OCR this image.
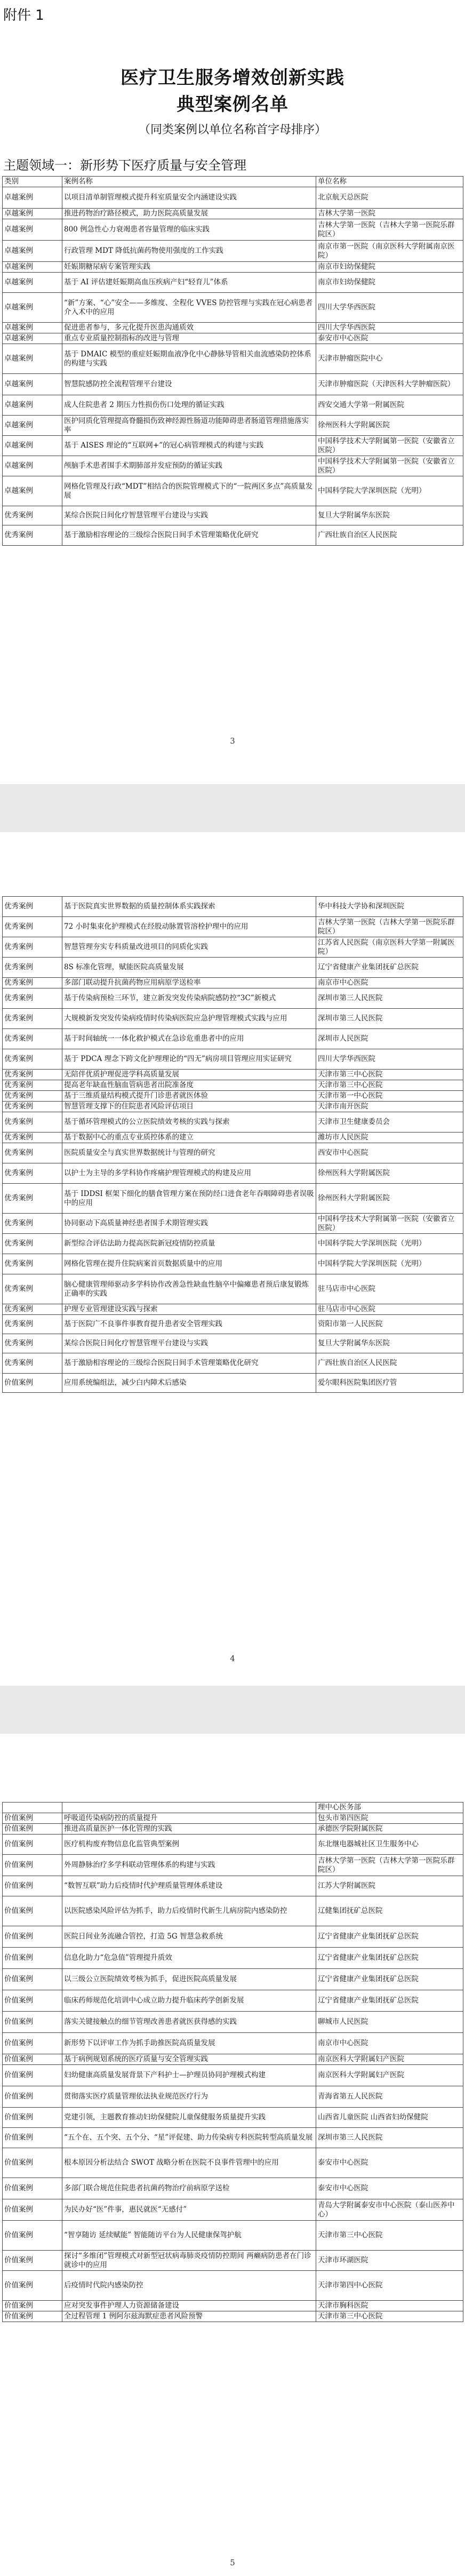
附件 1
医疗卫生服务增效创新实践
典型案例名单
（同类案例以单位名称首字母排序）
主题领域一：新形势下医疗质量与安全管理
类别	案例名称	单位名称
卓越案例	以项目清单制管理模式提升科室质量安全内涵建设实践	北京航天总医院
卓越案例	推进药物治疗路径模式，助力医院高质量发展	吉林大学第一医院
卓越案例	800 例急性心力衰竭患者容量管理的临床实践	吉林大学第一医院（吉林大学第一医院乐群院区）
卓越案例	行政管理 MDT 降低抗菌药物使用强度的工作实践	南京市第一医院（南京医科大学附属南京医院）
卓越案例	妊娠期糖尿病专案管理实践	南京市妇幼保健院
卓越案例	基于 AI 评估建妊娠期高血压疾病产妇“轻育儿”体系	南京市妇幼保健院
卓越案例	“新”方案、“心”安全——多维度、全程化 VVES 防控管理与实践在冠心病患者介入术中的应用	四川大学华西医院
卓越案例	促进患者参与，多元化提升医患沟通质效	四川大学华西医院
卓越案例	重点专业质量控制指标的改进与管理	泰安市中心医院
卓越案例	基于 DMAIC 模型的重症妊娠期血液净化中心静脉导管相关血流感染防控体系的构建与实践	天津市肿瘤医院中心
卓越案例	智慧院感防控全流程管理平台建设	天津市肿瘤医院（天津医科大学肿瘤医院）
卓越案例	成人住院患者 2 期压力性损伤伤口处理的循证实践	西安交通大学第一附属医院
卓越案例	医护同质化管理提高脊髓损伤致神经源性肠道功能障碍患者肠道管理措施落实率	徐州医科大学附属医院
卓越案例	基于 AISES 理论的“互联网+”的冠心病管理模式的构建与实践	中国科学技术大学附属第一医院（安徽省立医院）
卓越案例	颅脑手术患者围手术期肺部并发症预防的循证实践	中国科学技术大学附属第一医院（安徽省立医院）
卓越案例	网格化管理及行政“MDT”相结合的医院管理模式下的“一院两区多点”高质量发展	中国科学院大学深圳医院（光明）
优秀案例	某综合医院日间化疗智慧管理平台建设与实践	复旦大学附属华东医院
优秀案例	基于激励相容理论的三级综合医院日间手术管理策略优化研究	广西壮族自治区人民医院
3
优秀案例	基于医院真实世界数据的质量控制体系实践探索	华中科技大学协和深圳医院
优秀案例	72 小时集束化护理模式在经股动脉置管溶栓护理中的应用	吉林大学第一医院（吉林大学第一医院乐群院区）
优秀案例	智慧管理夯实专科质量改进项目的同质化实践	江苏省人民医院（南京医科大学第一附属医院）
优秀案例	8S 标准化管理，赋能医院高质量发展	辽宁省健康产业集团抚矿总医院
优秀案例	多部门联动提升抗菌药物应用病原学送检率	南京市中心医院
优秀案例	基于传染病预检三环节，建立新发突发传染病院感防控“3C”新模式	深圳市第三人民医院
优秀案例	大规模新发突发传染病疫情时传染病医院应急护理管理模式实践与应用	深圳市第三人民医院
优秀案例	基于时间轴统一一体化救护模式在急诊危重患者中的应用	深圳市人民医院
优秀案例	基于 PDCA 理念下跨文化护理理论的“四无”病房项目管理应用实证研究	四川大学华西医院
优秀案例	无陪伴优质护理促进学科高质量发展	天津市第三中心医院
优秀案例	提高老年缺血性脑血管病患者出院准备度	天津市第三中心医院
优秀案例	基于三维质量结构模式提升门诊患者就医体验	天津市第一中心医院
优秀案例	智慧管理支撑下的住院患者风险评估项目	天津市南开医院
优秀案例	基于循环管理模式的公立医院绩效考核的实践与探索	天津市卫生健康委员会
优秀案例	基于数据中心的重点专业质控体系的建立	潍坊市人民医院
优秀案例	医院质量安全与真实世界数据统计与管理的研究	西安市中心医院
优秀案例	以护士为主导的多学科协作疼痛护理管理模式的构建及应用	徐州医科大学附属医院
优秀案例	基于 IDDSI 框架下细化的膳食管理方案在预防经口进食老年吞咽障碍患者误吸中的应用	徐州医科大学附属医院
优秀案例	协同驱动下高质量神经患者围手术期管理实践	中国科学技术大学附属第一医院（安徽省立医院）
优秀案例	新型综合评估法助力提高医院新冠疫情防控质量	中国科学院大学深圳医院（光明）
优秀案例	网格化管理在提升住院病案首页数据质量中的应用	中国科学院大学深圳医院（光明）
优秀案例	脑心健康管理师驱动多学科协作改善急性缺血性脑卒中偏瘫患者预后康复锻炼正确率的实践	驻马店市中心医院
优秀案例	护理专业管理建设实践与探索	驻马店市中心医院
优秀案例	基于医院广不良事件事教育提升患者安全管理实践	资阳市第一人民医院
优秀案例	某综合医院日间化疗智慧管理平台建设与实践	复旦大学附属华东医院
优秀案例	基于激励相容理论的三级综合医院日间手术管理策略优化研究	广西壮族自治区人民医院
价值案例	应用系统编组法，减少白内障术后感染	爱尔眼科医院集团医疗管
4
		理中心医务部
价值案例	呼吸道传染病防控的质量提升	包头市第四医院
价值案例	推进高质量医护一体化管理的实践	承德医学院附属医院
价值案例	医疗机构废弃物信息化监管典型案例	东北继电器城社区卫生服务中心
价值案例	外周静脉治疗多学科联动管理体系的构建与实践	吉林大学第一医院（吉林大学第一医院乐群院区）
价值案例	“数智互联”助力后疫情时代护理质量管理体系建设	江苏大学附属医院
价值案例	以医院感染风险评估为抓手，助力后疫情时代新生儿病房院内感染防控	辽健集团抚矿总医院
价值案例	医院日间业务流融合管控，打造 5G 智慧急救系统	辽宁省健康产业集团抚矿总医院
价值案例	信息化助力“危急值”管理提升质效	辽宁省健康产业集团抚矿总医院
价值案例	以三级公立医院绩效考核为抓手，促进医院高质量发展	辽宁省健康产业集团抚矿总医院
价值案例	临床药师规范化培训中心成立助力提升临床药学创新发展	辽宁省健康产业集团抚矿总医院
价值案例	落实关键接触点的细节管理改善患者就医获得感的实践	聊城市人民医院
价值案例	新形势下以评审工作为抓手助推医院高质量发展	南京市中心医院
价值案例	基于病例规划系统的医疗质量与安全管理实践	南京医科大学附属妇产医院
价值案例	妇幼健康高质量发展背景下产科护士—护理员协同护理模式构建	南京医科大学附属妇产医院
价值案例	贯彻落实医疗质量管理依法执业规范医疗行为	青海省第五人民医院
价值案例	党建引领，主题教育推动妇幼保健院儿童保健服务质量提升实践	山西省儿童医院 山西省妇幼保健院
价值案例	“五个在、五个突、五个分、“星”评促建、助力传染病专科医院转型高质量发展	深圳市第三人民医院
价值案例	根本原因分析法结合 SWOT 战略分析在医院不良事件管理中的应用	泰安市中心医院
价值案例	多部门联合规范住院患者抗菌药物治疗前病原学送检	泰安市中心医院
价值案例	为民办好“医”件事，惠民就医“无感付”	青岛大学附属泰安市中心医院（泰山医养中心）
价值案例	“智享随访 延续赋能” 智能随访平台为人民健康保驾护航	天津市第三中心医院
价值案例	探讨“多维闭”管理模式对新型冠状病毒肺炎疫情防控期间 两癞病防患者在门诊就诊中的应用	天津市环湖医院
价值案例	后疫情时代院内感染防控	天津市第四中心医院
价值案例	应对突发事件护理人力资源储备建设	天津市胸科医院
价值案例	全过程管理 1 例阿尔兹海默症患者风险预警	天津市第三中心医院
5
